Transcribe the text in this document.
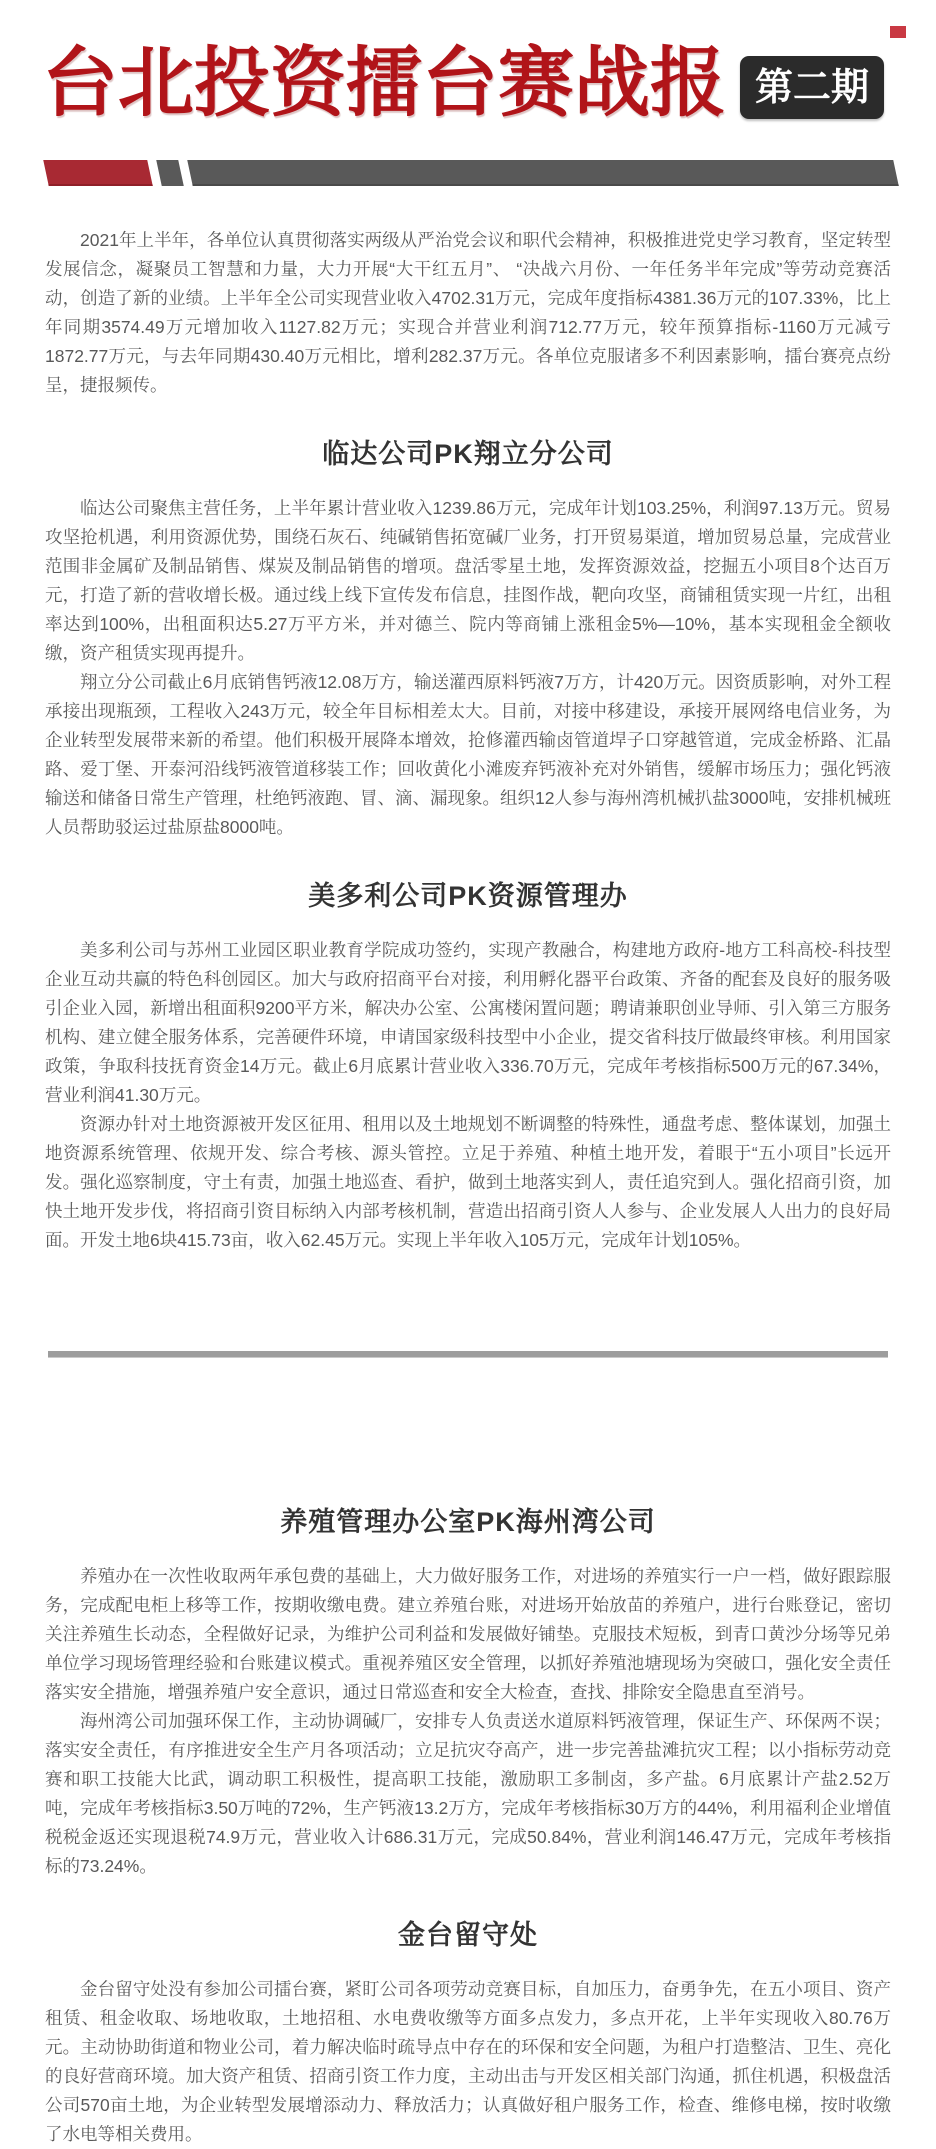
台北投资擂台赛战报 第二期

2021年上半年，各单位认真贯彻落实两级从严治党会议和职代会精神，积极推进党史学习教育，坚定转型发展信念，凝聚员工智慧和力量，大力开展“大干红五月”、 “决战六月份、一年任务半年完成”等劳动竞赛活动，创造了新的业绩。上半年全公司实现营业收入4702.31万元，完成年度指标4381.36万元的107.33%，比上年同期3574.49万元增加收入1127.82万元；实现合并营业利润712.77万元，较年预算指标-1160万元减亏1872.77万元，与去年同期430.40万元相比，增利282.37万元。各单位克服诸多不利因素影响，擂台赛亮点纷呈，捷报频传。

临达公司PK翔立分公司

临达公司聚焦主营任务，上半年累计营业收入1239.86万元，完成年计划103.25%，利润97.13万元。贸易攻坚抢机遇，利用资源优势，围绕石灰石、纯碱销售拓宽碱厂业务，打开贸易渠道，增加贸易总量，完成营业范围非金属矿及制品销售、煤炭及制品销售的增项。盘活零星土地，发挥资源效益，挖掘五小项目8个达百万元，打造了新的营收增长极。通过线上线下宣传发布信息，挂图作战，靶向攻坚，商铺租赁实现一片红，出租率达到100%，出租面积达5.27万平方米，并对德兰、院内等商铺上涨租金5%—10%，基本实现租金全额收缴，资产租赁实现再提升。

翔立分公司截止6月底销售钙液12.08万方，输送灌西原料钙液7万方，计420万元。因资质影响，对外工程承接出现瓶颈，工程收入243万元，较全年目标相差太大。目前，对接中移建设，承接开展网络电信业务，为企业转型发展带来新的希望。他们积极开展降本增效，抢修灌西输卤管道垾子口穿越管道，完成金桥路、汇晶路、爱丁堡、开泰河沿线钙液管道移装工作；回收黄化小滩废弃钙液补充对外销售，缓解市场压力；强化钙液输送和储备日常生产管理，杜绝钙液跑、冒、滴、漏现象。组织12人参与海州湾机械扒盐3000吨，安排机械班人员帮助驳运过盐原盐8000吨。

美多利公司PK资源管理办

美多利公司与苏州工业园区职业教育学院成功签约，实现产教融合，构建地方政府-地方工科高校-科技型企业互动共赢的特色科创园区。加大与政府招商平台对接，利用孵化器平台政策、齐备的配套及良好的服务吸引企业入园，新增出租面积9200平方米，解决办公室、公寓楼闲置问题；聘请兼职创业导师、引入第三方服务机构、建立健全服务体系，完善硬件环境，申请国家级科技型中小企业，提交省科技厅做最终审核。利用国家政策，争取科技抚育资金14万元。截止6月底累计营业收入336.70万元，完成年考核指标500万元的67.34%，营业利润41.30万元。

资源办针对土地资源被开发区征用、租用以及土地规划不断调整的特殊性，通盘考虑、整体谋划，加强土地资源系统管理、依规开发、综合考核、源头管控。立足于养殖、种植土地开发，着眼于“五小项目”长远开发。强化巡察制度，守土有责，加强土地巡查、看护，做到土地落实到人，责任追究到人。强化招商引资，加快土地开发步伐，将招商引资目标纳入内部考核机制，营造出招商引资人人参与、企业发展人人出力的良好局面。开发土地6块415.73亩，收入62.45万元。实现上半年收入105万元，完成年计划105%。

养殖管理办公室PK海州湾公司

养殖办在一次性收取两年承包费的基础上，大力做好服务工作，对进场的养殖实行一户一档，做好跟踪服务，完成配电柜上移等工作，按期收缴电费。建立养殖台账，对进场开始放苗的养殖户，进行台账登记，密切关注养殖生长动态，全程做好记录，为维护公司利益和发展做好铺垫。克服技术短板，到青口黄沙分场等兄弟单位学习现场管理经验和台账建议模式。重视养殖区安全管理，以抓好养殖池塘现场为突破口，强化安全责任落实安全措施，增强养殖户安全意识，通过日常巡查和安全大检查，查找、排除安全隐患直至消号。

海州湾公司加强环保工作，主动协调碱厂，安排专人负责送水道原料钙液管理，保证生产、环保两不误；落实安全责任，有序推进安全生产月各项活动；立足抗灾夺高产，进一步完善盐滩抗灾工程；以小指标劳动竞赛和职工技能大比武，调动职工积极性，提高职工技能，激励职工多制卤，多产盐。6月底累计产盐2.52万吨，完成年考核指标3.50万吨的72%，生产钙液13.2万方，完成年考核指标30万方的44%，利用福利企业增值税税金返还实现退税74.9万元，营业收入计686.31万元，完成50.84%，营业利润146.47万元，完成年考核指标的73.24%。

金台留守处

金台留守处没有参加公司擂台赛，紧盯公司各项劳动竞赛目标，自加压力，奋勇争先，在五小项目、资产租赁、租金收取、场地收取，土地招租、水电费收缴等方面多点发力，多点开花，上半年实现收入80.76万元。主动协助街道和物业公司，着力解决临时疏导点中存在的环保和安全问题，为租户打造整洁、卫生、亮化的良好营商环境。加大资产租赁、招商引资工作力度，主动出击与开发区相关部门沟通，抓住机遇，积极盘活公司570亩土地，为企业转型发展增添动力、释放活力；认真做好租户服务工作，检查、维修电梯，按时收缴了水电等相关费用。
